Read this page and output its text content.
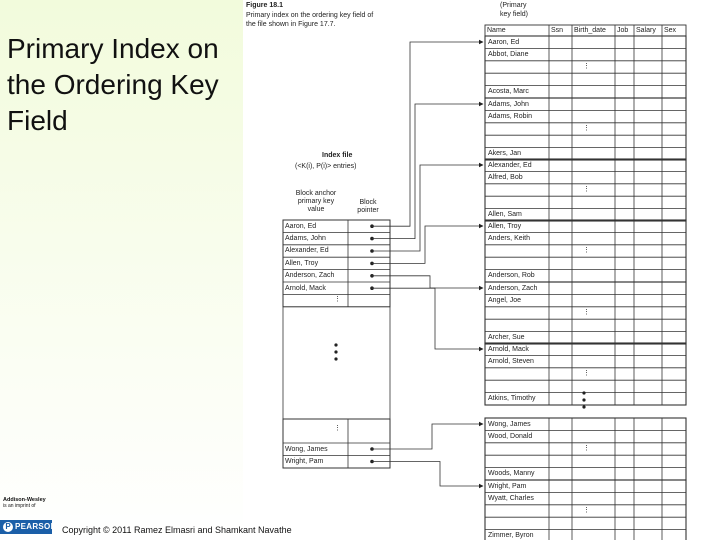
Primary Index on the Ordering Key Field
Addison-Wesley
is an imprint of
P PEARSON Copyright © 2011 Ramez Elmasri and Shamkant Navathe
Figure 18.1
Primary index on the ordering key field of
the file shown in Figure 17.7.
(Primary
key field)
Index file
(<K(i), P(i)> entries)
Block anchor
primary key
value
Block
pointer
Aaron, Ed
Adams, John
Alexander, Ed
Allen, Troy
Anderson, Zach
Arnold, Mack
⋮
⋮
Wong, James
Wright, Pam
Name	Ssn Birth_date Job Salary Sex
Aaron, Ed
Abbot, Diane
Acosta, Marc
⋮
Adams, John
Adams, Robin
Akers, Jan
⋮
Alexander, Ed
Alfred, Bob
Allen, Sam
⋮
Allen, Troy
Anders, Keith
Anderson, Rob
⋮
Anderson, Zach
Angel, Joe
Archer, Sue
⋮
Arnold, Mack
Arnold, Steven
Atkins, Timothy
⋮
Wong, James
Wood, Donald
Woods, Manny
⋮
Wright, Pam
Wyatt, Charles
Zimmer, Byron
⋮
